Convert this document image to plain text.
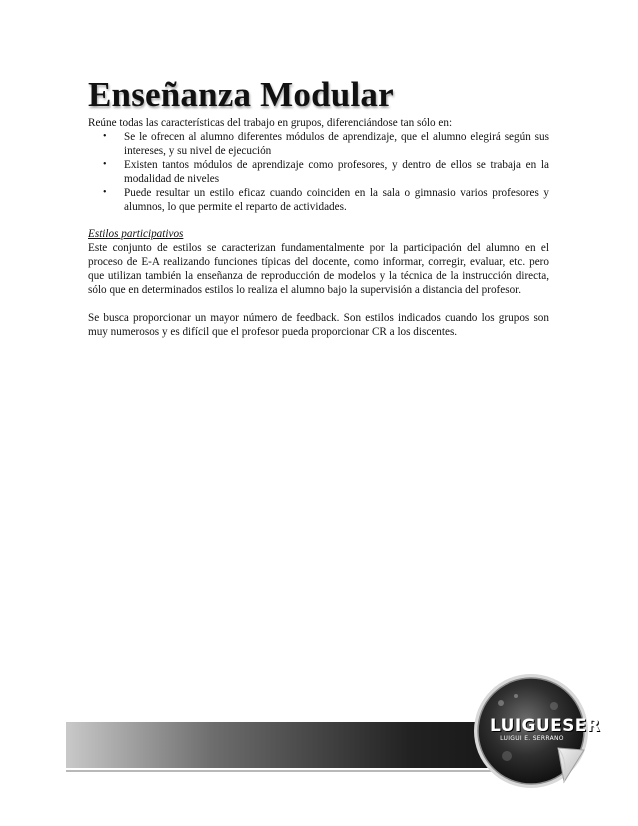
Enseñanza Modular

Reúne todas las características del trabajo en grupos, diferenciándose tan sólo en:

• Se le ofrecen al alumno diferentes módulos de aprendizaje, que el alumno elegirá según sus intereses, y su nivel de ejecución
• Existen tantos módulos de aprendizaje como profesores, y dentro de ellos se trabaja en la modalidad de niveles
• Puede resultar un estilo eficaz cuando coinciden en la sala o gimnasio varios profesores y alumnos, lo que permite el reparto de actividades.

Estilos participativos

Este conjunto de estilos se caracterizan fundamentalmente por la participación del alumno en el proceso de E-A realizando funciones típicas del docente, como informar, corregir, evaluar, etc. pero que utilizan también la enseñanza de reproducción de modelos y la técnica de la instrucción directa, sólo que en determinados estilos lo realiza el alumno bajo la supervisión a distancia del profesor.

Se busca proporcionar un mayor número de feedback. Son estilos indicados cuando los grupos son muy numerosos y es difícil que el profesor pueda proporcionar CR a los discentes.

LUIGUESER
LUIGUI E. SERRANO
